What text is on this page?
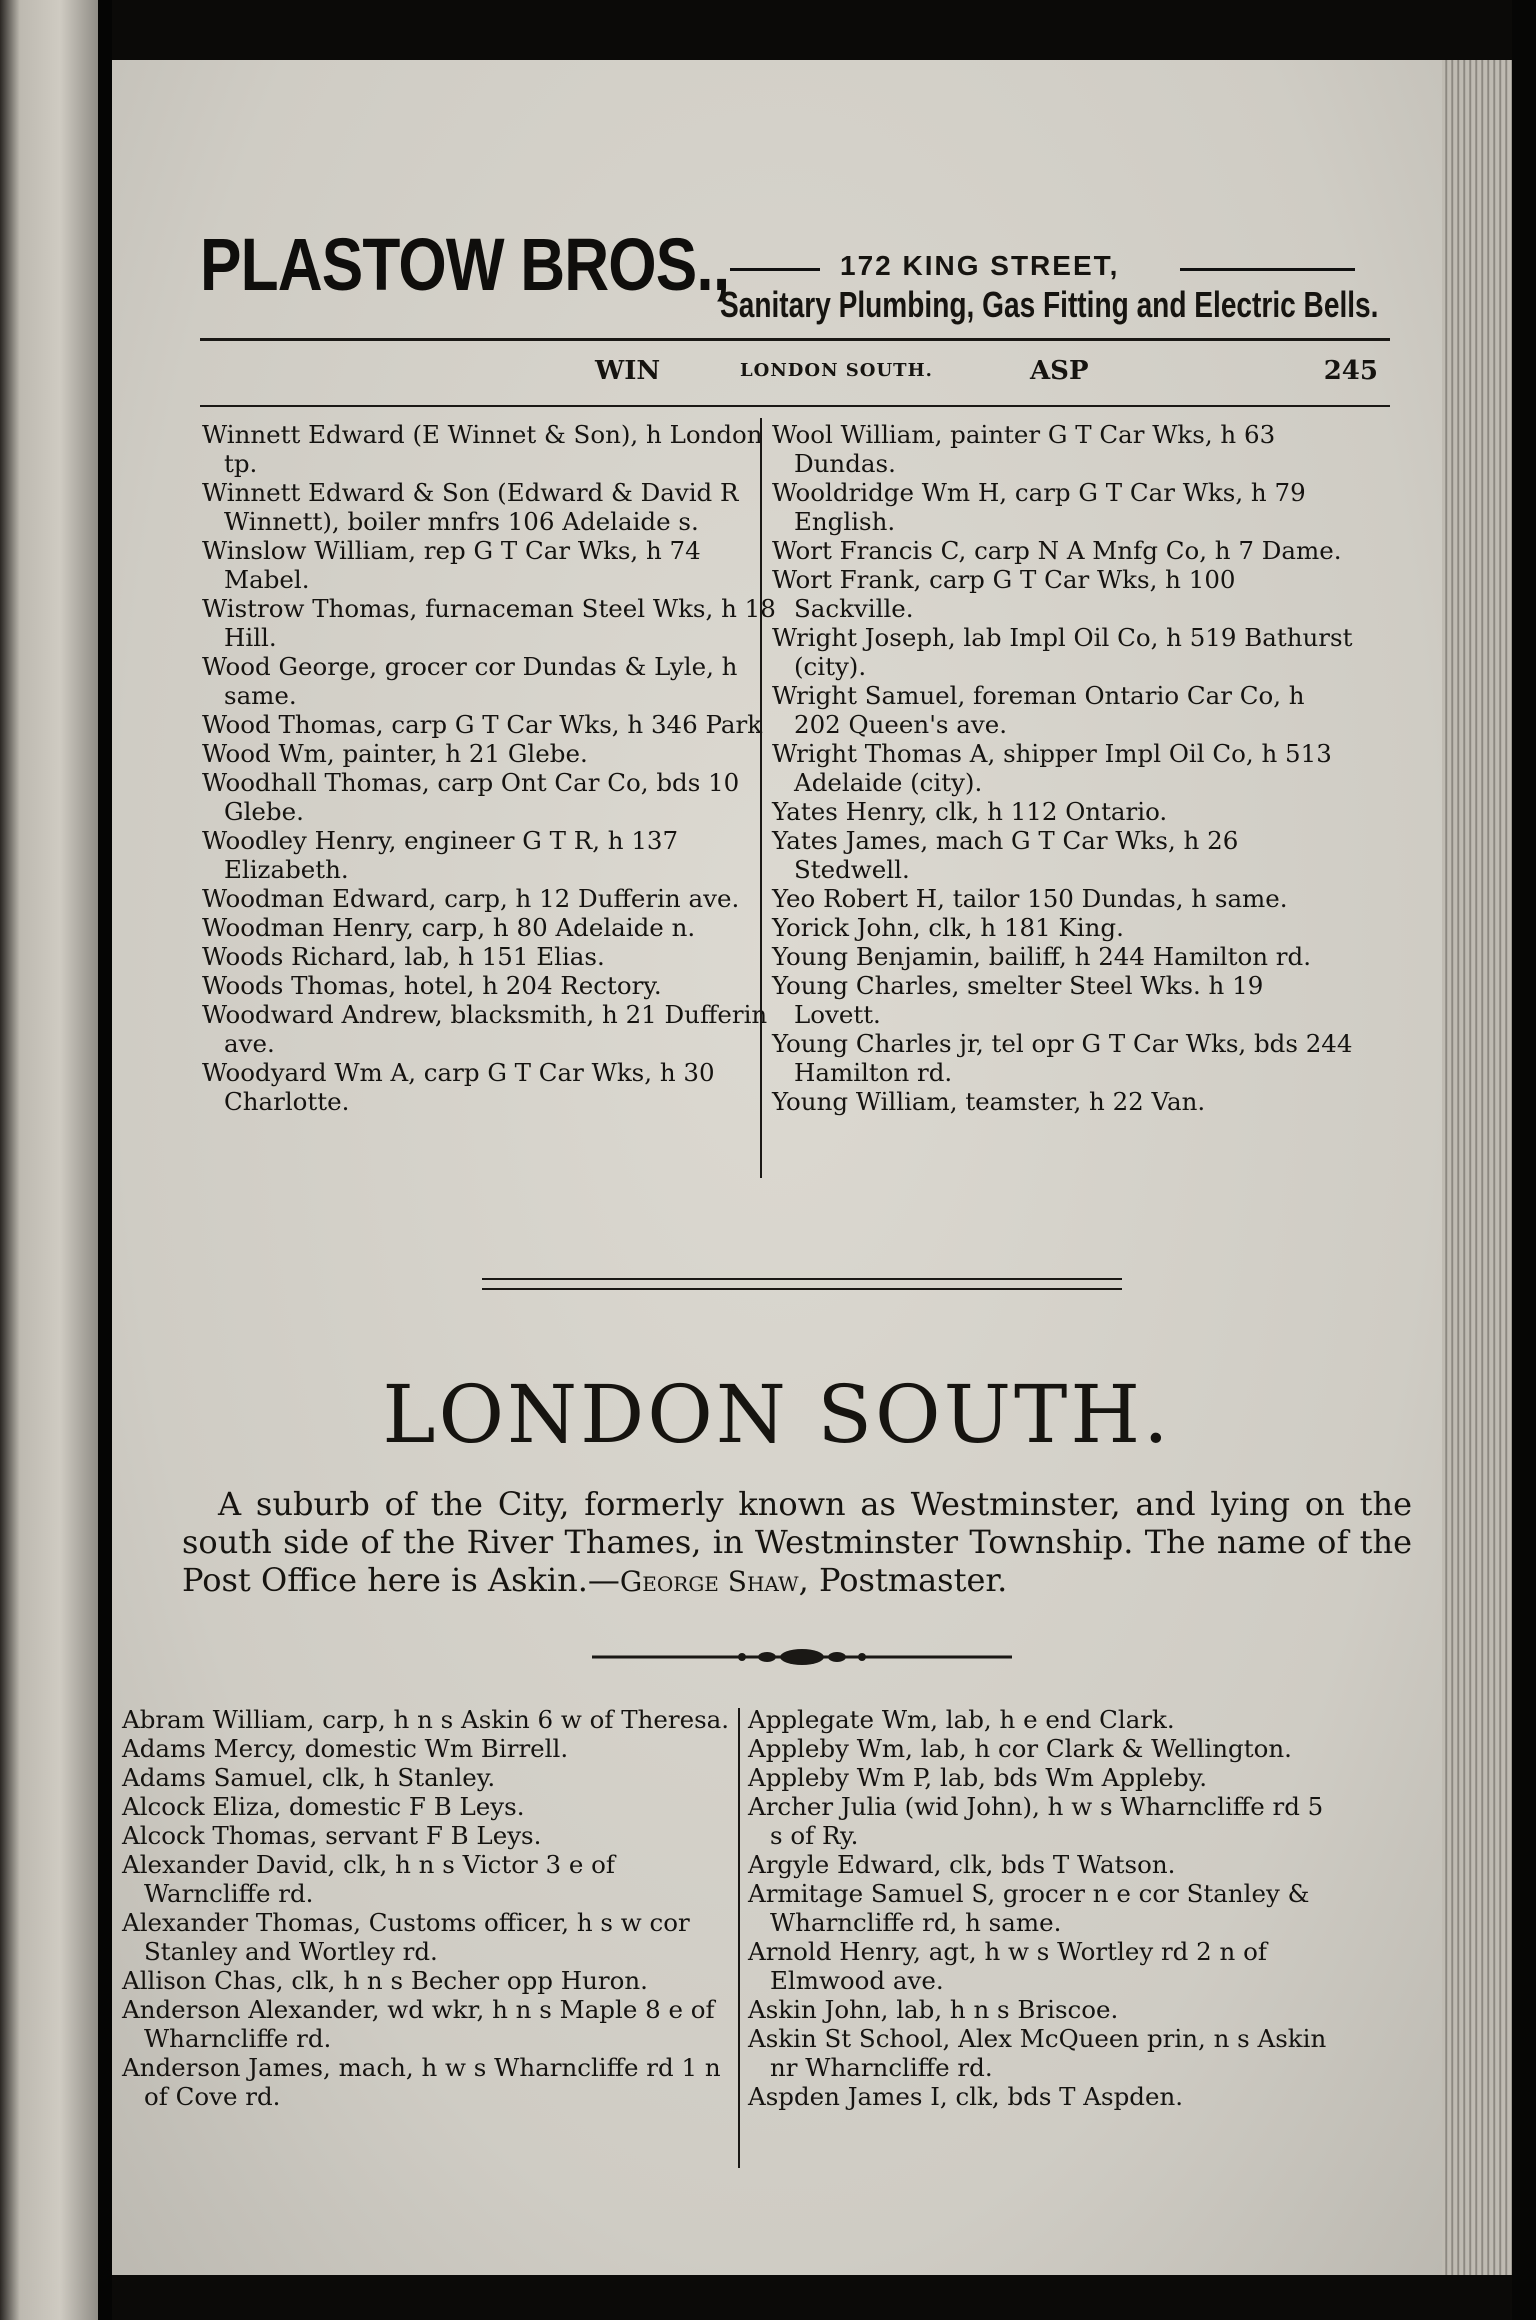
PLASTOW BROS.,	172 KING STREET,
Sanitary Plumbing, Gas Fitting and Electric Bells.
WIN	LONDON SOUTH.	ASP	245

Winnett Edward (E Winnet & Son), h London tp.

Winnett Edward & Son (Edward & David R Winnett), boiler mnfrs 106 Adelaide s.

Winslow William, rep G T Car Wks, h 74 Mabel.

Wistrow Thomas, furnaceman Steel Wks, h 18 Hill.

Wood George, grocer cor Dundas & Lyle, h same.

Wood Thomas, carp G T Car Wks, h 346 Park

Wood Wm, painter, h 21 Glebe.

Woodhall Thomas, carp Ont Car Co, bds 10 Glebe.

Woodley Henry, engineer G T R, h 137 Elizabeth.

Woodman Edward, carp, h 12 Dufferin ave.

Woodman Henry, carp, h 80 Adelaide n.

Woods Richard, lab, h 151 Elias.

Woods Thomas, hotel, h 204 Rectory.

Woodward Andrew, blacksmith, h 21 Dufferin ave.

Woodyard Wm A, carp G T Car Wks, h 30 Charlotte.

Wool William, painter G T Car Wks, h 63 Dundas.

Wooldridge Wm H, carp G T Car Wks, h 79 English.

Wort Francis C, carp N A Mnfg Co, h 7 Dame.

Wort Frank, carp G T Car Wks, h 100 Sackville.

Wright Joseph, lab Impl Oil Co, h 519 Bathurst (city).

Wright Samuel, foreman Ontario Car Co, h 202 Queen's ave.

Wright Thomas A, shipper Impl Oil Co, h 513 Adelaide (city).

Yates Henry, clk, h 112 Ontario.

Yates James, mach G T Car Wks, h 26 Stedwell.

Yeo Robert H, tailor 150 Dundas, h same.

Yorick John, clk, h 181 King.

Young Benjamin, bailiff, h 244 Hamilton rd.

Young Charles, smelter Steel Wks. h 19 Lovett.

Young Charles jr, tel opr G T Car Wks, bds 244 Hamilton rd.

Young William, teamster, h 22 Van.

LONDON SOUTH.
A suburb of the City, formerly known as Westminster, and lying on the south side of the River Thames, in Westminster Township. The name of the Post Office here is Askin.—George Shaw, Postmaster.

Abram William, carp, h n s Askin 6 w of Theresa.

Adams Mercy, domestic Wm Birrell.

Adams Samuel, clk, h Stanley.

Alcock Eliza, domestic F B Leys.

Alcock Thomas, servant F B Leys.

Alexander David, clk, h n s Victor 3 e of Warncliffe rd.

Alexander Thomas, Customs officer, h s w cor Stanley and Wortley rd.

Allison Chas, clk, h n s Becher opp Huron.

Anderson Alexander, wd wkr, h n s Maple 8 e of Wharncliffe rd.

Anderson James, mach, h w s Wharncliffe rd 1 n of Cove rd.

Applegate Wm, lab, h e end Clark.

Appleby Wm, lab, h cor Clark & Wellington.

Appleby Wm P, lab, bds Wm Appleby.

Archer Julia (wid John), h w s Wharncliffe rd 5 s of Ry.

Argyle Edward, clk, bds T Watson.

Armitage Samuel S, grocer n e cor Stanley & Wharncliffe rd, h same.

Arnold Henry, agt, h w s Wortley rd 2 n of Elmwood ave.

Askin John, lab, h n s Briscoe.

Askin St School, Alex McQueen prin, n s Askin nr Wharncliffe rd.

Aspden James I, clk, bds T Aspden.
